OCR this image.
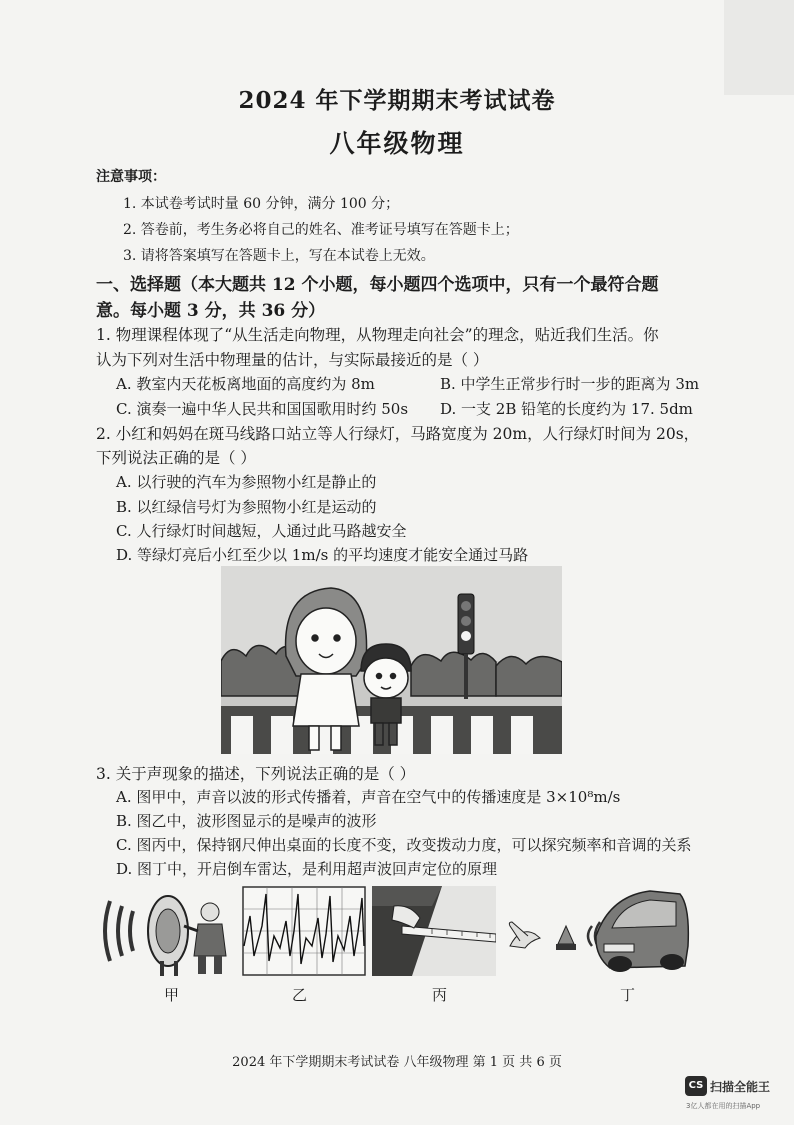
2024 年下学期期末考试试卷
八年级物理
注意事项：
1. 本试卷考试时量 60 分钟，满分 100 分；
2. 答卷前，考生务必将自己的姓名、准考证号填写在答题卡上；
3. 请将答案填写在答题卡上，写在本试卷上无效。
一、选择题（本大题共 12 个小题，每小题四个选项中，只有一个最符合题
意。每小题 3 分，共 36 分）
1. 物理课程体现了“从生活走向物理，从物理走向社会”的理念，贴近我们生活。你
认为下列对生活中物理量的估计，与实际最接近的是（ ）
A. 教室内天花板离地面的高度约为 8m	B. 中学生正常步行时一步的距离为 3m
C. 演奏一遍中华人民共和国国歌用时约 50s D. 一支 2B 铅笔的长度约为 17. 5dm
2. 小红和妈妈在斑马线路口站立等人行绿灯，马路宽度为 20m，人行绿灯时间为 20s，
下列说法正确的是（ ）
A. 以行驶的汽车为参照物小红是静止的
B. 以红绿信号灯为参照物小红是运动的
C. 人行绿灯时间越短，人通过此马路越安全
D. 等绿灯亮后小红至少以 1m/s 的平均速度才能安全通过马路
3. 关于声现象的描述，下列说法正确的是（ ）
A. 图甲中，声音以波的形式传播着，声音在空气中的传播速度是 3×10⁸m/s
B. 图乙中，波形图显示的是噪声的波形
C. 图丙中，保持钢尺伸出桌面的长度不变，改变拨动力度，可以探究频率和音调的关系
D. 图丁中，开启倒车雷达，是利用超声波回声定位的原理
甲	乙	丙	丁
2024 年下学期期末考试试卷 八年级物理 第 1 页 共 6 页
CS 扫描全能王
3亿人都在用的扫描App
